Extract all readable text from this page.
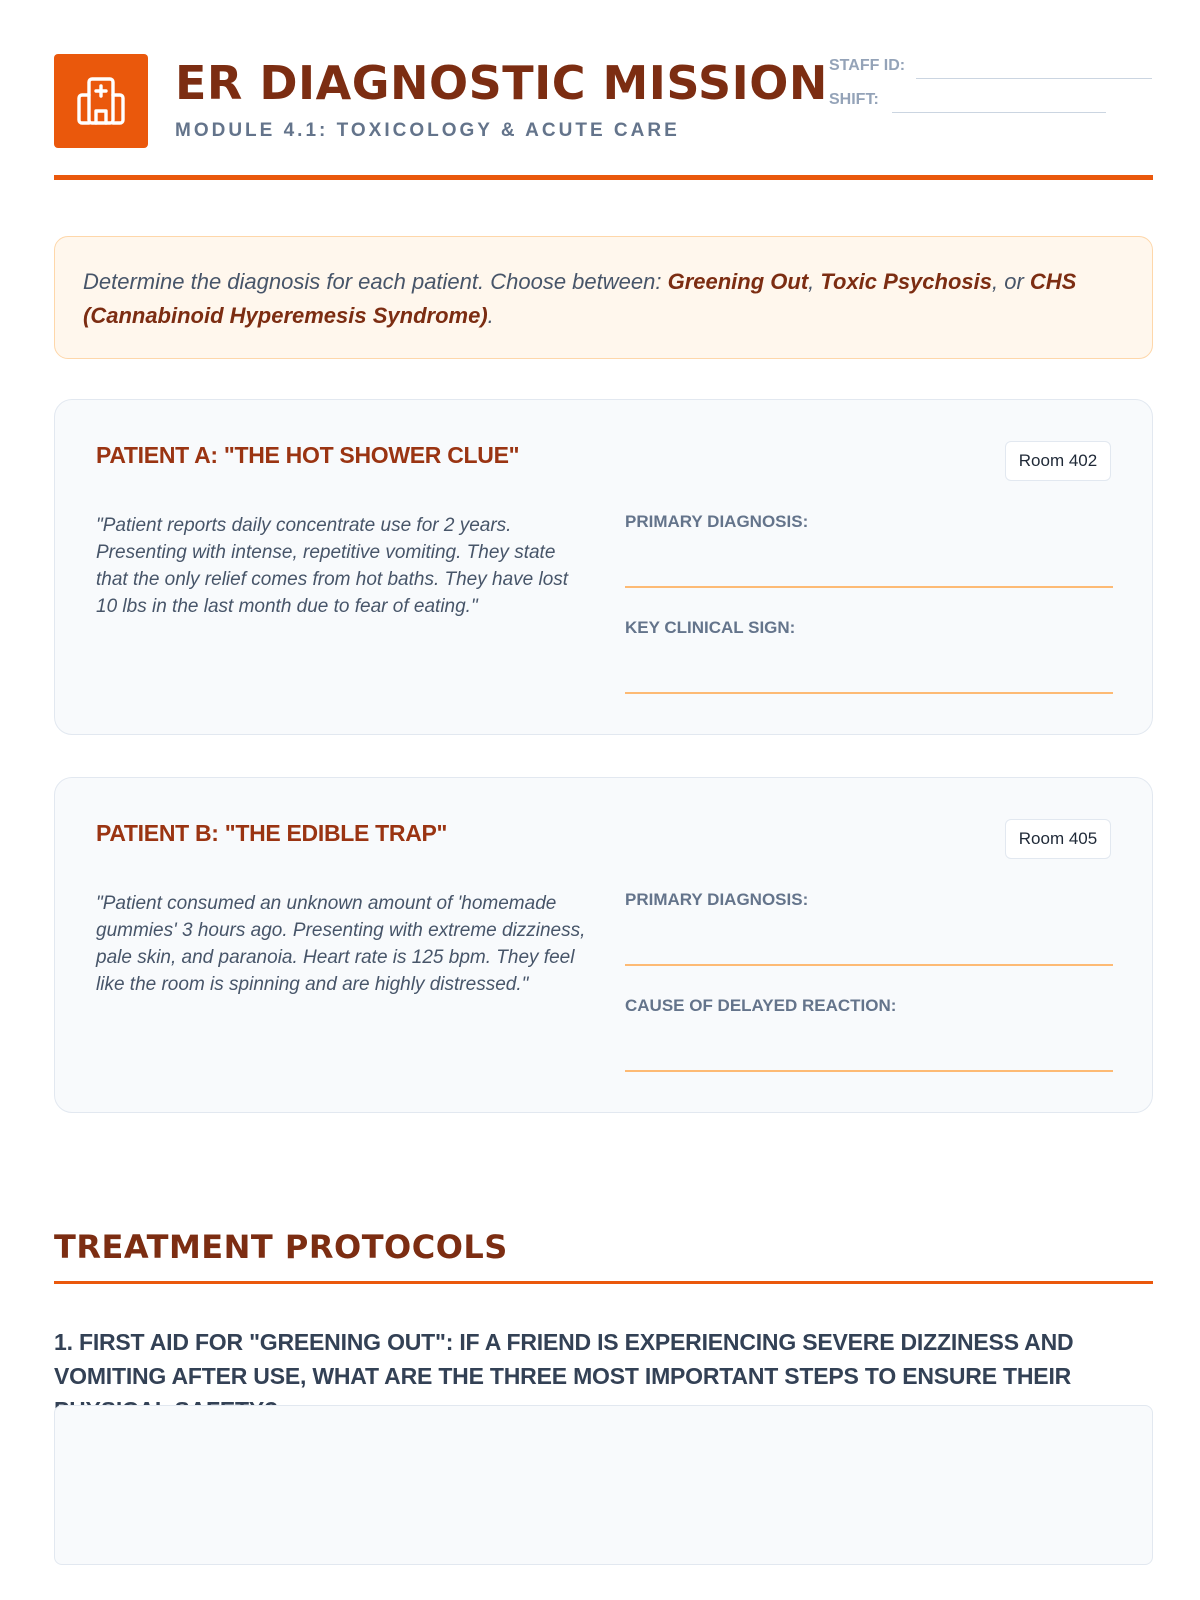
ER DIAGNOSTIC MISSION
MODULE 4.1: TOXICOLOGY & ACUTE CARE
STAFF ID:
SHIFT:
Determine the diagnosis for each patient. Choose between: Greening Out, Toxic Psychosis, or CHS (Cannabinoid Hyperemesis Syndrome).
PATIENT A: "THE HOT SHOWER CLUE"	Room 402
"Patient reports daily concentrate use for 2 years. Presenting with intense, repetitive vomiting. They state that the only relief comes from hot baths. They have lost 10 lbs in the last month due to fear of eating."
PRIMARY DIAGNOSIS:
KEY CLINICAL SIGN:
PATIENT B: "THE EDIBLE TRAP"	Room 405
"Patient consumed an unknown amount of 'homemade gummies' 3 hours ago. Presenting with extreme dizziness, pale skin, and paranoia. Heart rate is 125 bpm. They feel like the room is spinning and are highly distressed."
PRIMARY DIAGNOSIS:
CAUSE OF DELAYED REACTION:
TREATMENT PROTOCOLS
1. FIRST AID FOR "GREENING OUT": IF A FRIEND IS EXPERIENCING SEVERE DIZZINESS AND VOMITING AFTER USE, WHAT ARE THE THREE MOST IMPORTANT STEPS TO ENSURE THEIR
